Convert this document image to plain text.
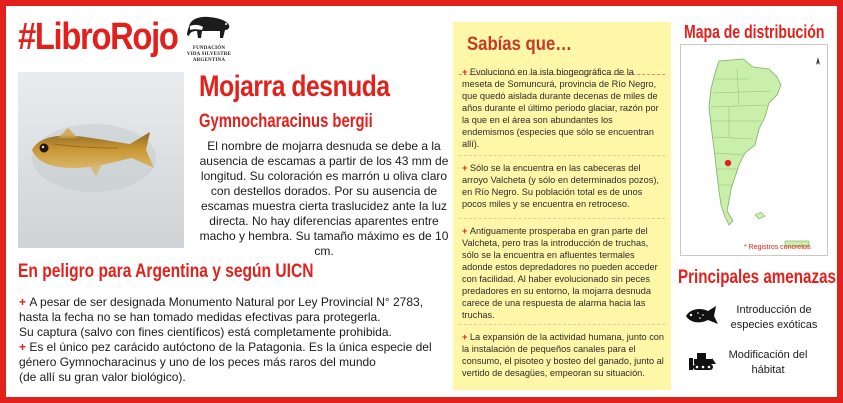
#LibroRojo	FUNDACIÓN
VIDA SILVESTRE
ARGENTINA
Mojarra desnuda
Gymnocharacinus bergii
El nombre de mojarra desnuda se debe a la ausencia de escamas a partir de los 43 mm de longitud. Su coloración es marrón u oliva claro con destellos dorados. Por su ausencia de escamas muestra cierta traslucidez ante la luz directa. No hay diferencias aparentes entre macho y hembra. Su tamaño máximo es de 10 cm.
En peligro para Argentina y según UICN
+ A pesar de ser designada Monumento Natural por Ley Provincial N° 2783,
hasta la fecha no se han tomado medidas efectivas para protegerla.
Su captura (salvo con fines científicos) está completamente prohibida.
+ Es el único pez carácido autóctono de la Patagonia. Es la única especie del
género Gymnocharacinus y uno de los peces más raros del mundo
(de allí su gran valor biológico).
Sabías que…
+ Evolucionó en la isla biogeográfica de la meseta de Somuncurá, provincia de Río Negro, que quedó aislada durante decenas de miles de años durante el último periodo glaciar, razón por la que en el área son abundantes los endemismos (especies que sólo se encuentran allí).
+ Sólo se la encuentra en las cabeceras del arroyo Valcheta (y sólo en determinados pozos), en Río Negro. Su población total es de unos pocos miles y se encuentra en retroceso.
+ Antiguamente prosperaba en gran parte del Valcheta, pero tras la introducción de truchas, sólo se la encuentra en afluentes termales adonde estos depredadores no pueden acceder con facilidad. Al haber evolucionado sin peces predadores en su entorno, la mojarra desnuda carece de una respuesta de alarma hacia las truchas.
+ La expansión de la actividad humana, junto con la instalación de pequeños canales para el consumo, el pisoteo y bosteo del ganado, junto al vertido de desagües, empeoran su situación.
Mapa de distribución
* Registros concretos
Principales amenazas
Introducción de
especies exóticas
Modificación del
hábitat
